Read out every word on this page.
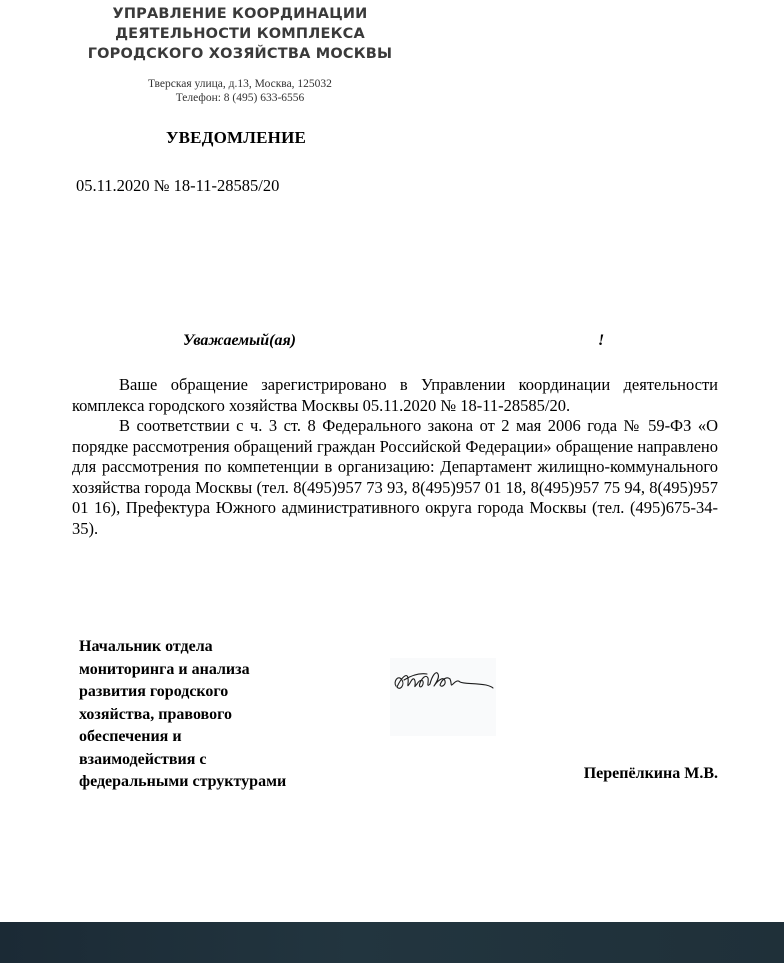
УПРАВЛЕНИЕ КООРДИНАЦИИ
ДЕЯТЕЛЬНОСТИ КОМПЛЕКСА
ГОРОДСКОГО ХОЗЯЙСТВА МОСКВЫ
Тверская улица, д.13, Москва, 125032
Телефон: 8 (495) 633-6556
УВЕДОМЛЕНИЕ
05.11.2020 № 18-11-28585/20
Уважаемый(ая)	!

Ваше обращение зарегистрировано в Управлении координации деятельности комплекса городского хозяйства Москвы 05.11.2020 № 18-11-28585/20.

В соответствии с ч. 3 ст. 8 Федерального закона от 2 мая 2006 года № 59-ФЗ «О порядке рассмотрения обращений граждан Российской Федерации» обращение направлено для рассмотрения по компетенции в организацию: Департамент жилищно-коммунального хозяйства города Москвы (тел. 8(495)957 73 93, 8(495)957 01 18, 8(495)957 75 94, 8(495)957 01 16), Префектура Южного административного округа города Москвы (тел. (495)675-34-35).

Начальник отдела
мониторинга и анализа
развития городского
хозяйства, правового
обеспечения и
взаимодействия с
федеральными структурами	Перепёлкина М.В.
